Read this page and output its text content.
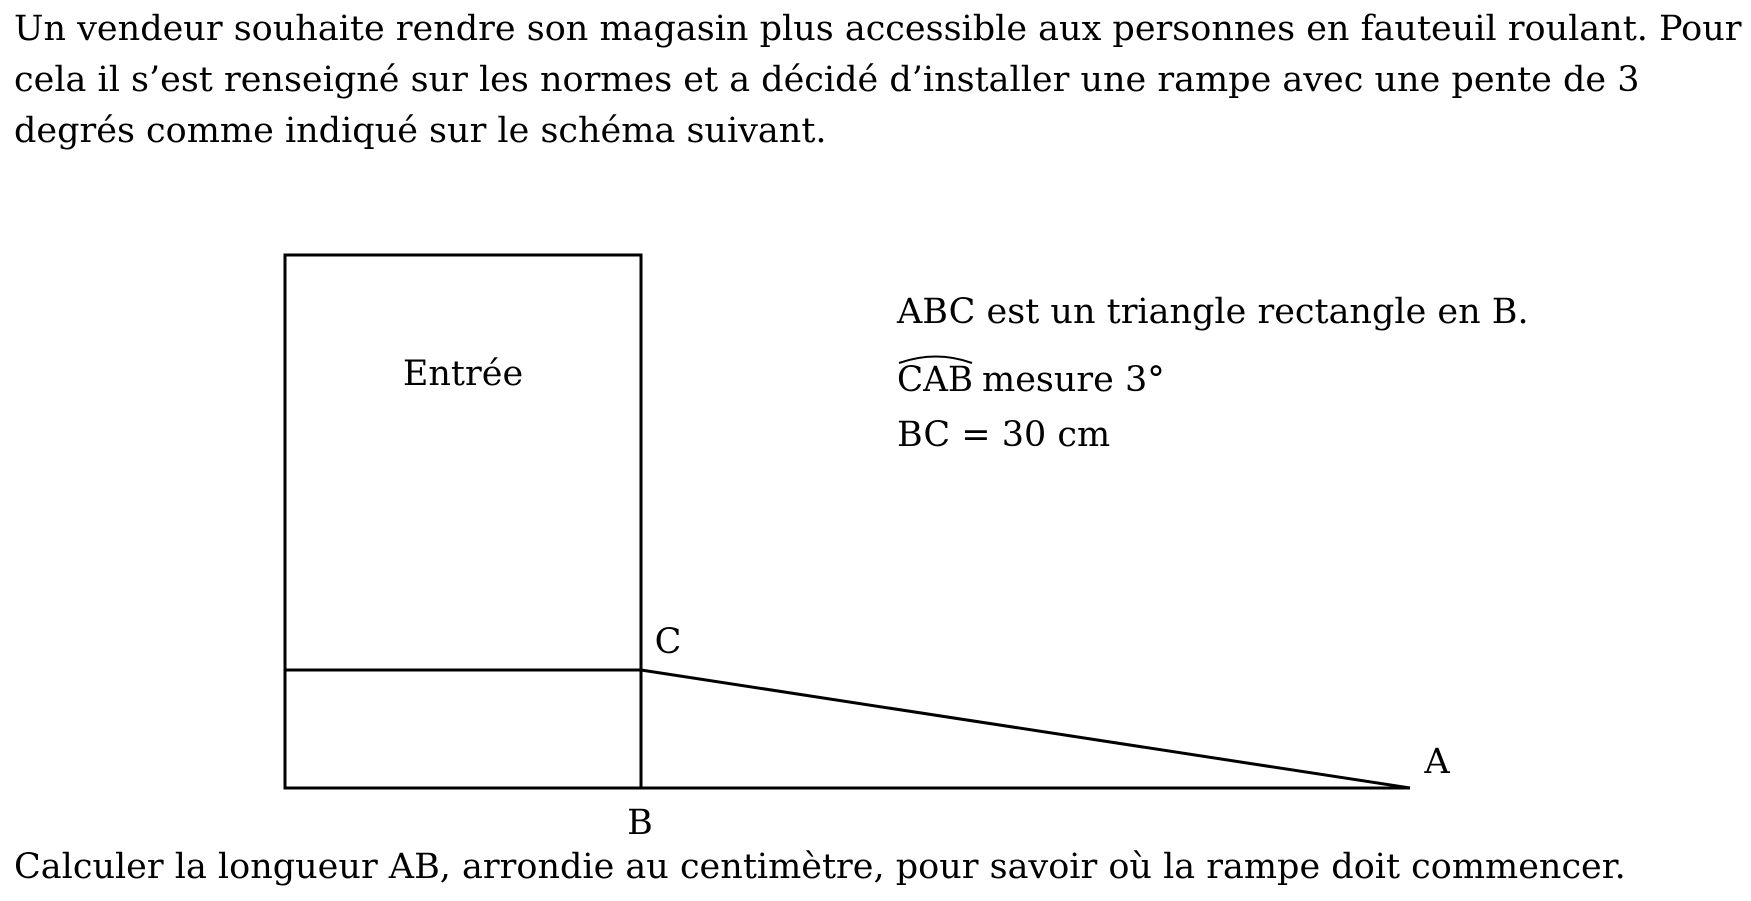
Un vendeur souhaite rendre son magasin plus accessible aux personnes en fauteuil roulant. Pour cela il s’est renseigné sur les normes et a décidé d’installer une rampe avec une pente de 3 degrés comme indiqué sur le schéma suivant.

Entrée
C
A
B
ABC est un triangle rectangle en B.
CAB mesure 3°
BC = 30 cm

Calculer la longueur AB, arrondie au centimètre, pour savoir où la rampe doit commencer.
